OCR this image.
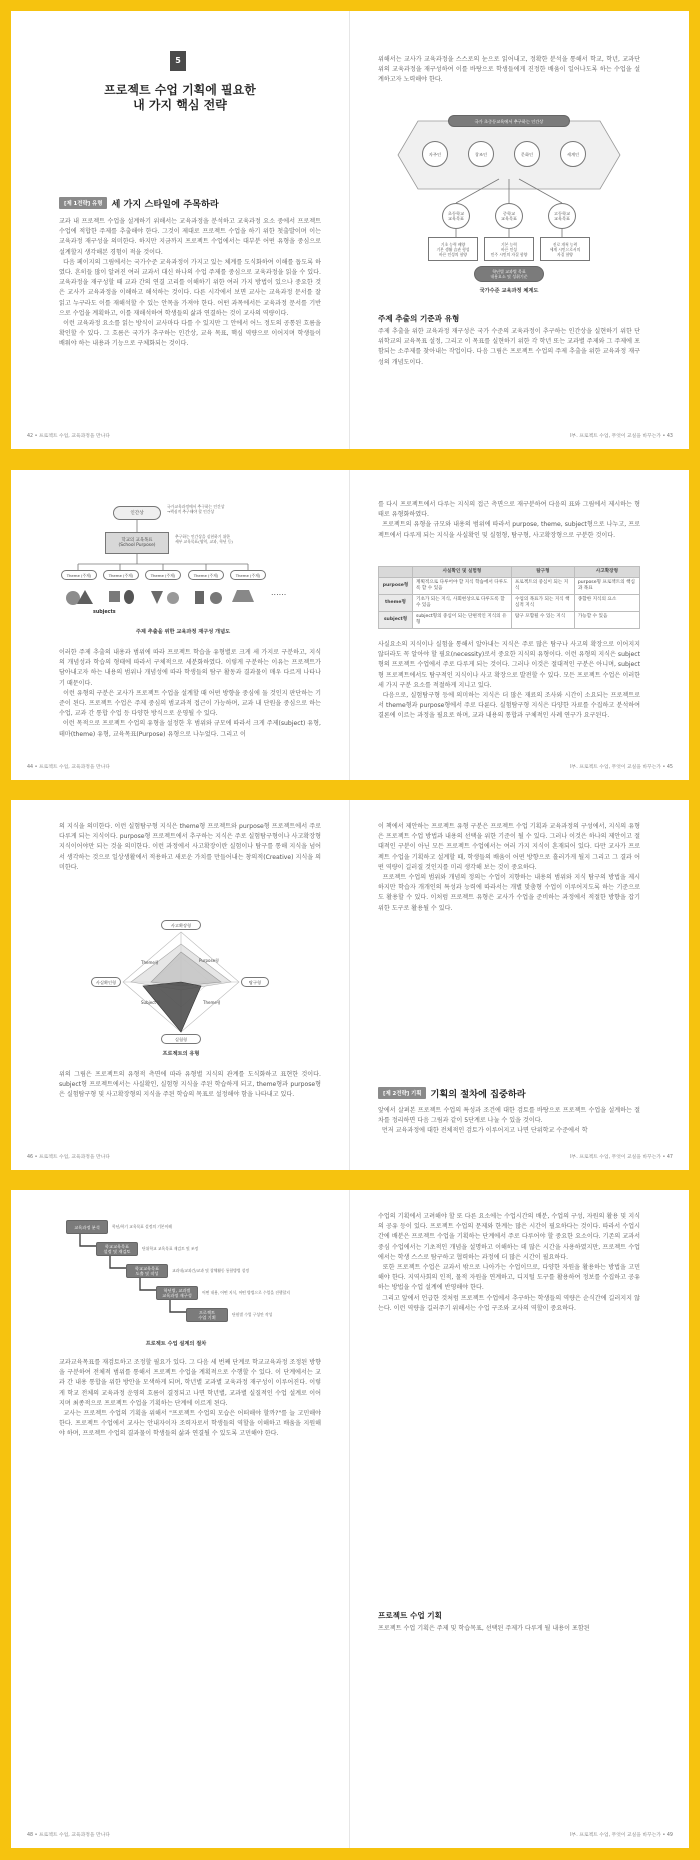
5
프로젝트 수업 기획에 필요한
내 가지 핵심 전략
[제 1전략] 유형 세 가지 스타일에 주목하라
교과 내 프로젝트 수업을 설계하기 위해서는 교육과정을 분석하고 교육과정 요소 중에서 프로젝트 수업에 적합한 주제를 추출해야 한다. 그것이 제대로 프로젝트 수업을 하기 위한 첫출발이며 이는 교육과정 재구성을 의미한다. 하지만 지금까지 프로젝트 수업에서는 대부분 어떤 유형을 중심으로 설계할지 생각해본 경험이 적을 것이다.
다음 페이지의 그림에서는 국가수준 교육과정이 가지고 있는 체계를 도식화하여 이해를 돕도록 하였다. 흔히들 많이 알려진 여러 교과서 대신 하나의 수업 주제를 중심으로 교육과정을 읽을 수 있다. 교육과정을 재구성할 때 교과 간의 연결 고리를 이해하기 위한 여러 가지 방법이 있으나 중요한 것은 교사가 교육과정을 이해하고 해석하는 것이다. 다른 시각에서 보면 교사는 교육과정 문서를 잘 읽고 누구라도 이를 재해석할 수 있는 안목을 가져야 한다. 어떤 과목에서든 교육과정 문서를 기반으로 수업을 계획하고, 이를 재해석하여 학생들의 삶과 연결하는 것이 교사의 역량이다.
이런 교육과정 요소를 읽는 방식이 교사마다 다를 수 있지만 그 안에서 어느 정도의 공통된 흐름을 확인할 수 있다. 그 흐름은 국가가 추구하는 인간상, 교육 목표, 핵심 역량으로 이어지며 학생들이 배워야 하는 내용과 기능으로 구체화되는 것이다.
42 • 프로젝트 수업, 교육과정을 만나다
위해서는 교사가 교육과정을 스스로의 눈으로 읽어내고, 정확한 분석을 통해서 학교, 학년, 교과단위의 교육과정을 재구성하여 이를 바탕으로 학생들에게 진정한 배움이 일어나도록 하는 수업을 설계하고자 노력해야 한다.
국가 초중등교육에서 추구하는 인간상
자주인	창조인	문화인	세계인
초등학교
교육목표
중학교
교육목표
고등학교
교육목표
기초 능력 배양
기본 생활 습관 형성
바른 인성의 함양
기본 능력
바른 인성
민주 시민의 자질 함양
진로 개척 능력
세계 시민으로서의
자질 함양
학년별 교과별 목표
내용요소 및 성취기준
국가수준 교육과정 체계도
주제 추출의 기준과 유형
주제 추출을 위한 교육과정 재구성은 국가 수준의 교육과정이 추구하는 인간상을 실현하기 위한 단위학교의 교육목표 설정, 그리고 이 목표를 실현하기 위한 각 학년 또는 교과별 주제와 그 주제에 포함되는 소주제를 찾아내는 작업이다. 다음 그림은 프로젝트 수업의 주제 추출을 위한 교육과정 재구성의 개념도이다.
I부. 프로젝트 수업, 무엇이 교실을 바꾸는가 • 43
인간상
국가교육과정에서 추구하는 인간상
→핵심적 추구해야 할 인간상
학교의 교육목표
(School Purpose)
추구하는 인간상을 실현하기 위한
세부 교육목표(영역, 교과, 학년 등)
Theme (주제)	Theme (주제)	Theme (주제)	Theme (주제)	Theme (주제)
......
subjects
주제 추출을 위한 교육과정 재구성 개념도
이러한 주제 추출의 내용과 범위에 따라 프로젝트 학습을 유형별로 크게 세 가지로 구분하고, 지식의 개념성과 학습의 형태에 따라서 구체적으로 세분화하였다. 이렇게 구분하는 이유는 프로젝트가 담아내고자 하는 내용의 범위나 개념성에 따라 학생들의 탐구 활동과 결과물이 매우 다르게 나타나기 때문이다.
이런 유형의 구분은 교사가 프로젝트 수업을 설계할 때 어떤 방향을 중심에 둘 것인지 판단하는 기준이 된다. 프로젝트 수업은 주제 중심의 범교과적 접근이 가능하며, 교과 내 단원을 중심으로 하는 수업, 교과 간 통합 수업 등 다양한 방식으로 운영될 수 있다.
이런 목적으로 프로젝트 수업의 유형을 설정한 후 범위와 규모에 따라서 크게 주제(subject) 유형, 테마(theme) 유형, 교육목표(Purpose) 유형으로 나누었다. 그리고 이
44 • 프로젝트 수업, 교육과정을 만나다
를 다시 프로젝트에서 다루는 지식의 접근 측면으로 재구분하여 다음의 표와 그림에서 제시하는 형태로 유형화하였다.
프로젝트의 유형을 규모와 내용의 범위에 따라서 purpose, theme, subject형으로 나누고, 프로젝트에서 다루게 되는 지식을 사실확인 및 실험형, 탐구형, 사고확장형으로 구분한 것이다.
	사실확인 및 실험형	탐구형	사고확장형
purpose형	계획적으로 다루어야 할 지식 학습에서 다루도록 할 수 있음	프로젝트의 중심이 되는 지식	purpose형 프로젝트의 핵심과 목표
theme형	기초가 되는 지식, 사회현상으로 다루도록 할 수 있음	수업의 목표가 되는 지식 핵심적 지식	종합한 지식의 요소
subject형	subject형의 중심이 되는 단편적인 지식의 유형	탐구 포함될 수 있는 지식	가능할 수 있음
사실요소의 지식이나 실험을 통해서 알아내는 지식은 주로 많은 탐구나 사고의 확장으로 이어지지 않더라도 꼭 알아야 할 필요(necessity)로서 중요한 지식의 유형이다. 이런 유형의 지식은 subject형의 프로젝트 수업에서 주로 다루게 되는 것이다. 그러나 이것은 절대적인 구분은 아니며, subject형 프로젝트에서도 탐구적인 지식이나 사고 확장으로 발전할 수 있다. 모든 프로젝트 수업은 이러한 세 가지 구분 요소를 적절하게 지니고 있다.
다음으로, 실험탐구형 등에 의미하는 지식은 더 많은 재료의 조사와 시간이 소요되는 프로젝트로서 theme형과 purpose형에서 주로 다룬다. 실험탐구형 지식은 다양한 자료를 수집하고 분석하여 결론에 이르는 과정을 필요로 하며, 교과 내용의 통합과 구체적인 사례 연구가 요구된다.
I부. 프로젝트 수업, 무엇이 교실을 바꾸는가 • 45
의 지식을 의미한다. 이런 실험탐구형 지식은 theme형 프로젝트와 purpose형 프로젝트에서 주로 다루게 되는 지식이다. purpose형 프로젝트에서 추구하는 지식은 주로 실험탐구형이나 사고확장형 지식이어야만 되는 것을 의미한다. 이런 과정에서 사고확장이란 실험이나 탐구를 통해 지식을 넘어서 생각하는 것으로 일상생활에서 적용하고 새로운 가치를 만들어내는 창의적(Creative) 지식을 의미한다.
사고확장형
탐구형
사실확인형
실험형
Theme형	Purpose형
Subject형	Theme형
프로젝트의 유형
위의 그림은 프로젝트의 유형적 측면에 따라 유형별 지식의 관계를 도식화하고 표현한 것이다. subject형 프로젝트에서는 사실확인, 실험형 지식을 주된 학습하게 되고, theme형과 purpose형은 실험탐구형 및 사고확장형의 지식을 주된 학습의 목표로 설정해야 함을 나타내고 있다.
46 • 프로젝트 수업, 교육과정을 만나다
이 책에서 제안하는 프로젝트 유형 구분은 프로젝트 수업 기획과 교육과정의 구성에서, 지식의 유형은 프로젝트 수업 방법과 내용의 선택을 위한 기준이 될 수 있다. 그러나 이것은 하나의 제안이고 절대적인 구분이 아닌 모든 프로젝트 수업에서는 여러 가지 지식이 혼재되어 있다. 다만 교사가 프로젝트 수업을 기획하고 설계할 때, 학생들의 배움이 어떤 방향으로 흘러가게 될지 그리고 그 결과 어떤 역량이 길러질 것인지를 미리 생각해 보는 것이 중요하다.
프로젝트 수업의 범위와 개념의 정의는 수업이 지향하는 내용의 범위와 지식 탐구의 방법을 제시하지만 학습자 개개인의 특성과 능력에 따라서는 개별 맞춤형 수업이 이루어지도록 하는 기준으로도 활용할 수 있다. 이처럼 프로젝트 유형은 교사가 수업을 준비하는 과정에서 적절한 방향을 잡기 위한 도구로 활용될 수 있다.
[제 2전략] 기획 기획의 절차에 집중하라
앞에서 살펴본 프로젝트 수업의 특성과 조건에 대한 검토를 바탕으로 프로젝트 수업을 설계하는 절차를 정리하면 다음 그림과 같이 5단계로 나눌 수 있을 것이다.
먼저 교육과정에 대한 전체적인 검토가 이루어지고 나면 단위학교 수준에서 학
I부. 프로젝트 수업, 무엇이 교실을 바꾸는가 • 47
교육과정 분석	학년/학기 교육목표 설정의 기본이해
학교교육목표
설정 및 재검토
단위학교 교육목표 재검토 및 조정
학교교육목표
도출 및 작성
교과내/교과간/교과 및 창체활동 통합방법 설정
학년별, 교과별
교육과정 재구성
어떤 내용, 어떤 지식, 어떤 방법으로 수업을 진행할지
프로젝트
수업 기획
단원별 수업 구성안 작성
프로젝트 수업 설계의 절차
교과교육목표를 재검토하고 조정할 필요가 있다. 그 다음 세 번째 단계로 학교교육과정 조정된 방향을 구분하여 전체적 범위를 통해서 프로젝트 수업을 계획적으로 수행할 수 있다. 이 단계에서는 교과 간 내용 통합을 위한 방안을 모색하게 되며, 학년별 교과별 교육과정 재구성이 이루어진다. 이렇게 학교 전체의 교육과정 운영의 흐름이 결정되고 나면 학년별, 교과별 실질적인 수업 설계로 이어지며 최종적으로 프로젝트 수업을 기획하는 단계에 이르게 된다.
교사는 프로젝트 수업의 기획을 위해서 "프로젝트 수업의 모습은 어떠해야 할까?"를 늘 고민해야 한다. 프로젝트 수업에서 교사는 안내자이자 조력자로서 학생들의 역할을 이해하고 배움을 지원해야 하며, 프로젝트 수업의 결과물이 학생들의 삶과 연결될 수 있도록 고민해야 한다.
48 • 프로젝트 수업, 교육과정을 만나다
수업의 기획에서 고려해야 할 또 다른 요소에는 수업시간의 배분, 수업의 구성, 자원의 활용 및 지식의 공유 등이 있다. 프로젝트 수업의 문제와 한계는 많은 시간이 필요하다는 것이다. 따라서 수업시간에 배분은 프로젝트 수업을 기획하는 단계에서 주로 다루어야 할 중요한 요소이다. 기존의 교과서 중심 수업에서는 기초적인 개념을 설명하고 이해하는 데 많은 시간을 사용하였지만, 프로젝트 수업에서는 학생 스스로 탐구하고 협력하는 과정에 더 많은 시간이 필요하다.
또한 프로젝트 수업은 교과서 밖으로 나아가는 수업이므로, 다양한 자원을 활용하는 방법을 고민해야 한다. 지역사회의 인적, 물적 자원을 연계하고, 디지털 도구를 활용하여 정보를 수집하고 공유하는 방법을 수업 설계에 반영해야 한다.
그리고 앞에서 언급한 것처럼 프로젝트 수업에서 추구하는 학생들의 역량은 순식간에 길러지지 않는다. 이런 역량을 길러주기 위해서는 수업 구조와 교사의 역할이 중요하다.
프로젝트 수업 기획
프로젝트 수업 기획은 주제 및 학습목표, 선택된 주제가 다루게 될 내용이 포함된
I부. 프로젝트 수업, 무엇이 교실을 바꾸는가 • 49
